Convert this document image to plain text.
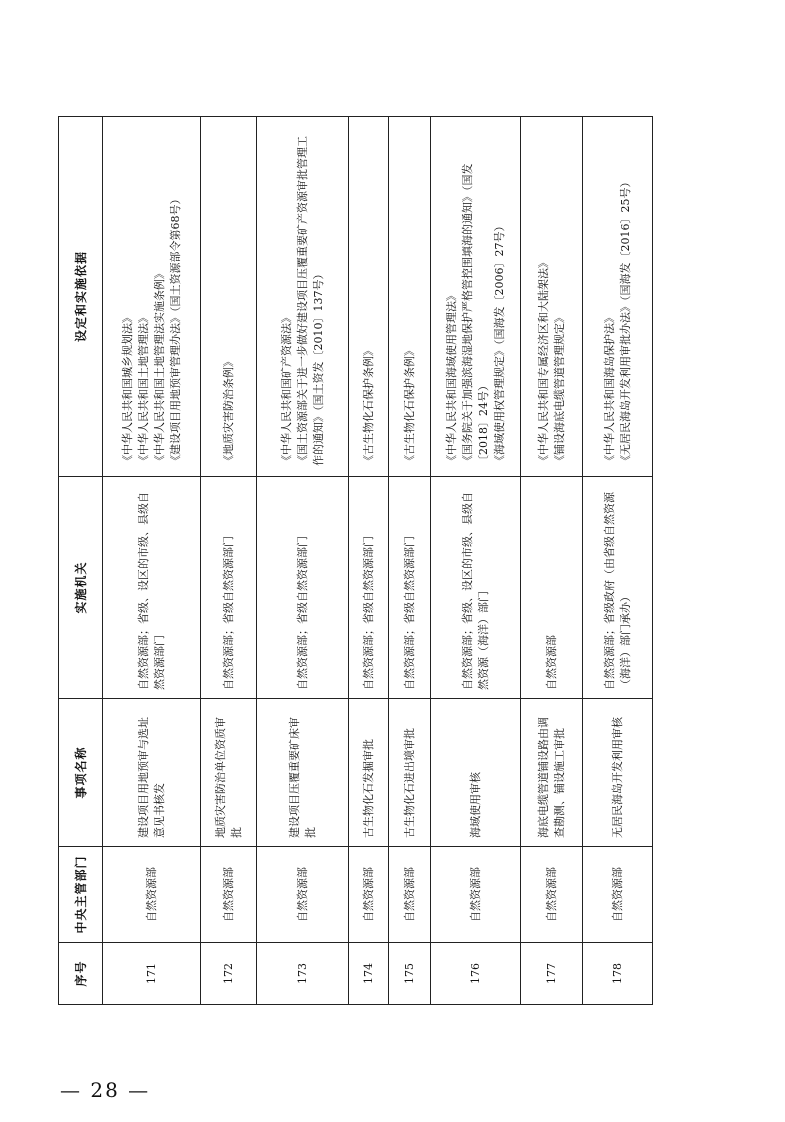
序号	中央主管部门	事项名称	实施机关	设定和实施依据
171	自然资源部	建设项目用地预审与选址意见书核发	自然资源部；省级、设区的市级、县级自然资源部门	《中华人民共和国城乡规划法》 《中华人民共和国土地管理法》 《中华人民共和国土地管理法实施条例》 《建设项目用地预审管理办法》（国土资源部令第68号）

172	自然资源部	地质灾害防治单位资质审批	自然资源部；省级自然资源部门	《地质灾害防治条例》

173	自然资源部	建设项目压覆重要矿床审批	自然资源部；省级自然资源部门	《中华人民共和国矿产资源法》 《国土资源部关于进一步做好建设项目压覆重要矿产资源审批管理工作的通知》（国土资发〔2010〕137号）

174	自然资源部	古生物化石发掘审批	自然资源部；省级自然资源部门	《古生物化石保护条例》

175	自然资源部	古生物化石进出境审批	自然资源部；省级自然资源部门	《古生物化石保护条例》

176	自然资源部	海域使用审核	自然资源部；省级、设区的市级、县级自然资源（海洋）部门	《中华人民共和国海域使用管理法》 《国务院关于加强滨海湿地保护严格管控围填海的通知》（国发〔2018〕24号） 《海域使用权管理规定》（国海发〔2006〕27号）

177	自然资源部	海底电缆管道铺设路由调查勘测、铺设施工审批	自然资源部	《中华人民共和国专属经济区和大陆架法》 《铺设海底电缆管道管理规定》

178	自然资源部	无居民海岛开发利用审核	自然资源部；省级政府（由省级自然资源（海洋）部门承办）	《中华人民共和国海岛保护法》 《无居民海岛开发利用审批办法》（国海发〔2016〕25号）
— 28 —
